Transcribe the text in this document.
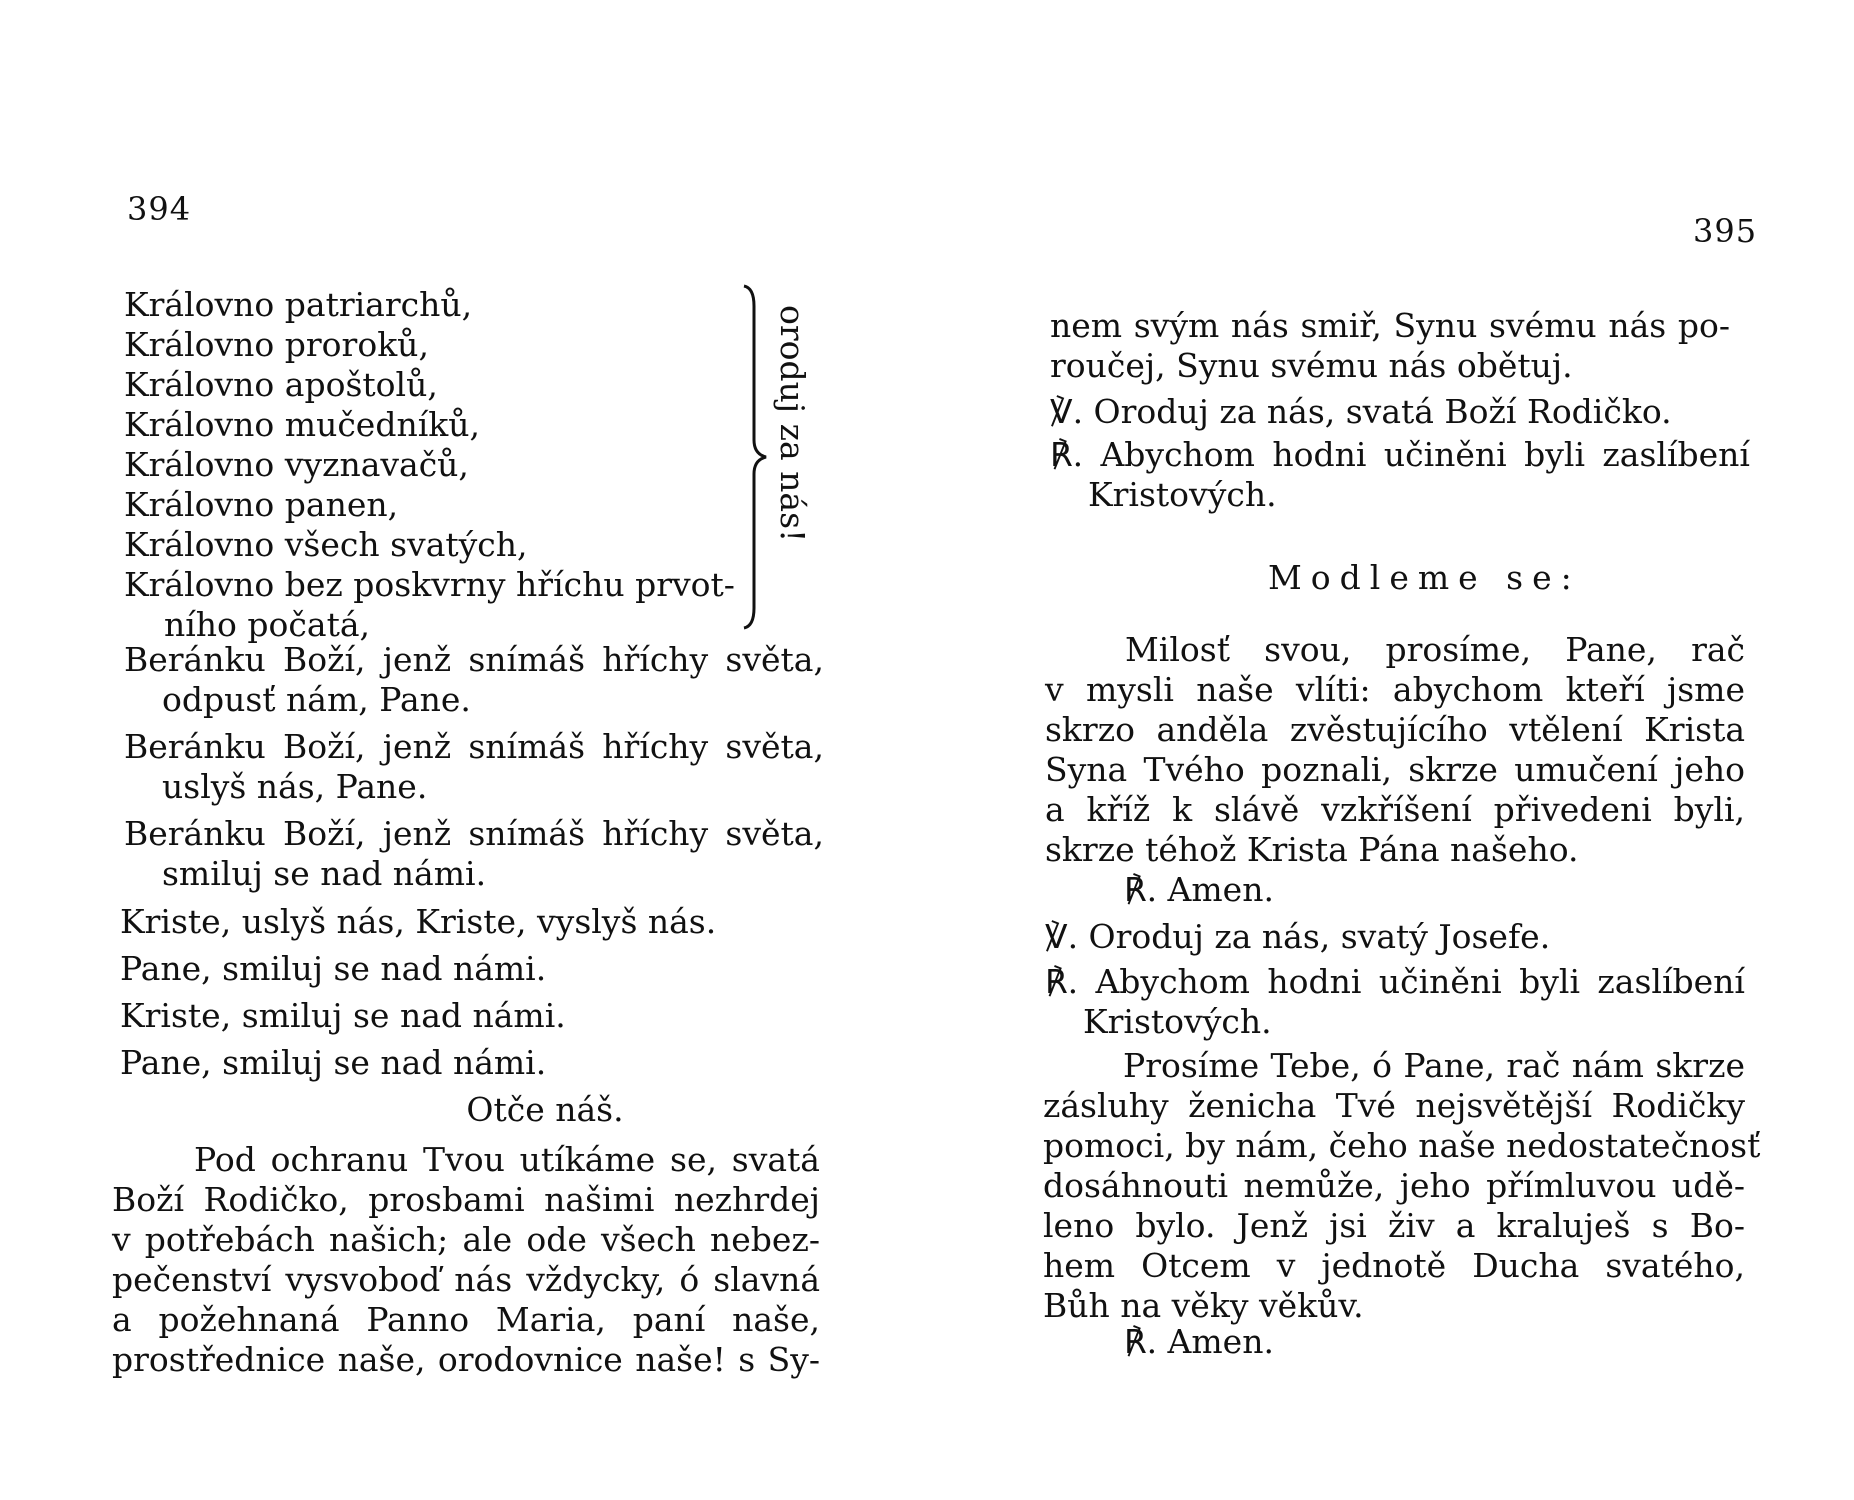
394
Královno patriarchů,
Královno proroků,
Královno apoštolů,
Královno mučedníků,
Královno vyznavačů,
Královno panen,
Královno všech svatých,
Královno bez poskvrny hříchu prvot-
ního počatá,
oroduj za nás!
Beránku Boží, jenž snímáš hříchy světa,
odpusť nám, Pane.
Beránku Boží, jenž snímáš hříchy světa,
uslyš nás, Pane.
Beránku Boží, jenž snímáš hříchy světa,
smiluj se nad námi.
Kriste, uslyš nás, Kriste, vyslyš nás.
Pane, smiluj se nad námi.
Kriste, smiluj se nad námi.
Pane, smiluj se nad námi.
Otče náš.
Pod ochranu Tvou utíkáme se, svatá
Boží Rodičko, prosbami našimi nezhrdej
v potřebách našich; ale ode všech nebez-
pečenství vysvoboď nás vždycky, ó slavná
a požehnaná Panno Maria, paní naše,
prostřednice naše, orodovnice naše! s Sy-
395
nem svým nás smiř, Synu svému nás po-
roučej, Synu svému nás obětuj.
℣. Oroduj za nás, svatá Boží Rodičko.
℟. Abychom hodni učiněni byli zaslíbení
Kristových.
Modleme se:
Milosť svou, prosíme, Pane, rač
v mysli naše vlíti: abychom kteří jsme
skrzo anděla zvěstujícího vtělení Krista
Syna Tvého poznali, skrze umučení jeho
a kříž k slávě vzkříšení přivedeni byli,
skrze téhož Krista Pána našeho.
℟. Amen.
℣. Oroduj za nás, svatý Josefe.
℟. Abychom hodni učiněni byli zaslíbení
Kristových.
Prosíme Tebe, ó Pane, rač nám skrze
zásluhy ženicha Tvé nejsvětější Rodičky
pomoci, by nám, čeho naše nedostatečnosť
dosáhnouti nemůže, jeho přímluvou udě-
leno bylo. Jenž jsi živ a kraluješ s Bo-
hem Otcem v jednotě Ducha svatého,
Bůh na věky věkův.
℟. Amen.
